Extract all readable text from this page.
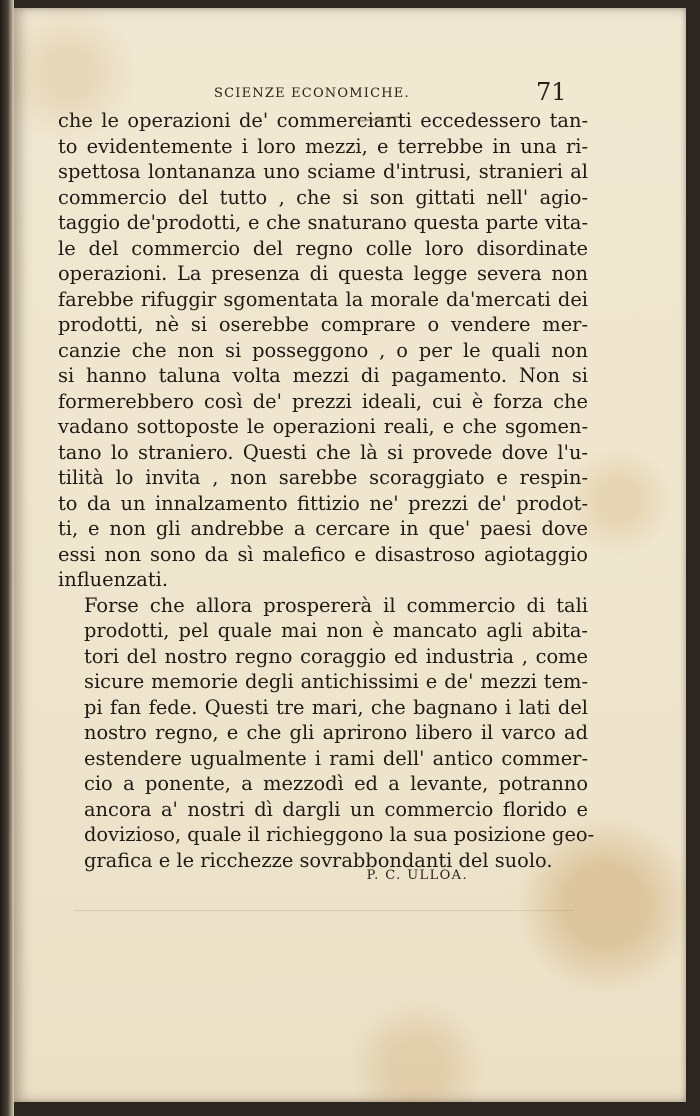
SCIENZE ECONOMICHE.	71

che le operazioni de' commercianti eccedessero tan-
to evidentemente i loro mezzi, e terrebbe in una ri-
spettosa lontananza uno sciame d'intrusi, stranieri al
commercio del tutto , che si son gittati nell' agio-
taggio de'prodotti, e che snaturano questa parte vita-
le del commercio del regno colle loro disordinate
operazioni. La presenza di questa legge severa non
farebbe rifuggir sgomentata la morale da'mercati dei
prodotti, nè si oserebbe comprare o vendere mer-
canzie che non si posseggono , o per le quali non
si hanno taluna volta mezzi di pagamento. Non si
formerebbero così de' prezzi ideali, cui è forza che
vadano sottoposte le operazioni reali, e che sgomen-
tano lo straniero. Questi che là si provede dove l'u-
tilità lo invita , non sarebbe scoraggiato e respin-
to da un innalzamento fittizio ne' prezzi de' prodot-
ti, e non gli andrebbe a cercare in que' paesi dove
essi non sono da sì malefico e disastroso agiotaggio
influenzati.

Forse che allora prospererà il commercio di tali
prodotti, pel quale mai non è mancato agli abita-
tori del nostro regno coraggio ed industria , come
sicure memorie degli antichissimi e de' mezzi tem-
pi fan fede. Questi tre mari, che bagnano i lati del
nostro regno, e che gli aprirono libero il varco ad
estendere ugualmente i rami dell' antico commer-
cio a ponente, a mezzodì ed a levante, potranno
ancora a' nostri dì dargli un commercio florido e
dovizioso, quale il richieggono la sua posizione geo-
grafica e le ricchezze sovrabbondanti del suolo.

P. C. ULLOA.
